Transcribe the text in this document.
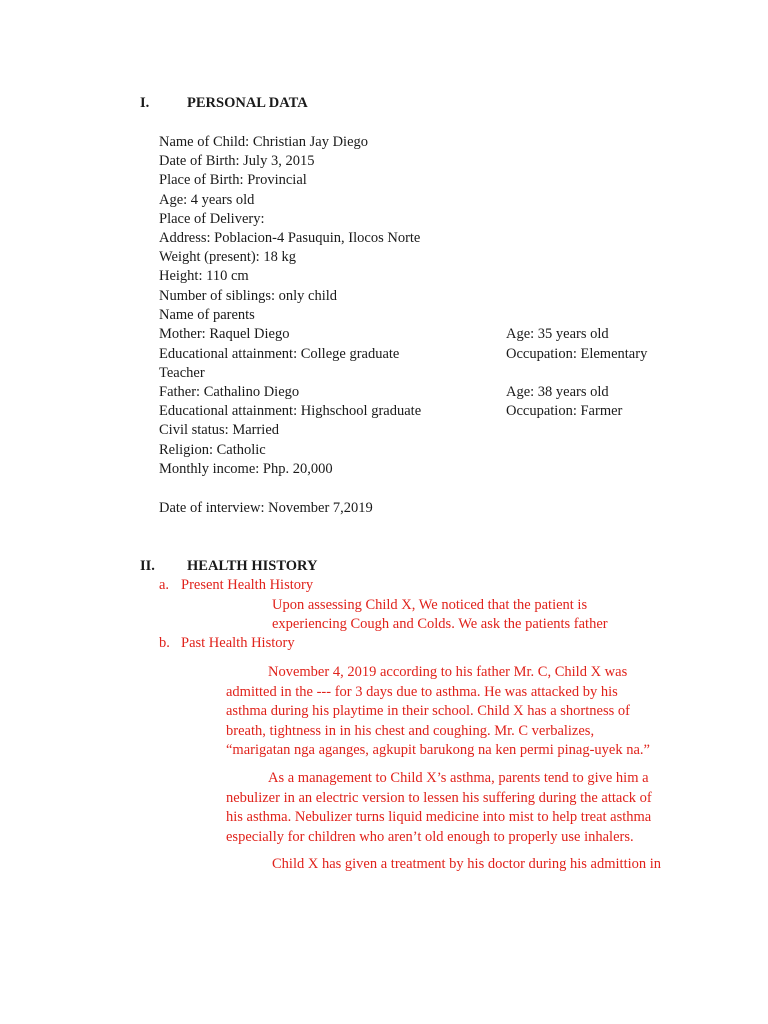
I.	PERSONAL DATA
Name of Child: Christian Jay Diego
Date of Birth: July 3, 2015
Place of Birth: Provincial
Age: 4 years old
Place of Delivery:
Address: Poblacion-4 Pasuquin, Ilocos Norte
Weight (present): 18 kg
Height: 110 cm
Number of siblings: only child
Name of parents
Mother: Raquel Diego	Age: 35 years old
Educational attainment: College graduate	Occupation: Elementary
Teacher
Father: Cathalino Diego	Age: 38 years old
Educational attainment: Highschool graduate	Occupation: Farmer
Civil status: Married
Religion: Catholic
Monthly income: Php. 20,000
Date of interview: November 7,2019
II. HEALTH HISTORY
a. Present Health History
Upon assessing Child X, We noticed that the patient is
experiencing Cough and Colds. We ask the patients father
b. Past Health History
November 4, 2019 according to his father Mr. C, Child X was
admitted in the --- for 3 days due to asthma. He was attacked by his
asthma during his playtime in their school. Child X has a shortness of
breath, tightness in in his chest and coughing. Mr. C verbalizes,
“marigatan nga aganges, agkupit barukong na ken permi pinag-uyek na.”
As a management to Child X’s asthma, parents tend to give him a
nebulizer in an electric version to lessen his suffering during the attack of
his asthma. Nebulizer turns liquid medicine into mist to help treat asthma
especially for children who aren’t old enough to properly use inhalers.
Child X has given a treatment by his doctor during his admittion in
